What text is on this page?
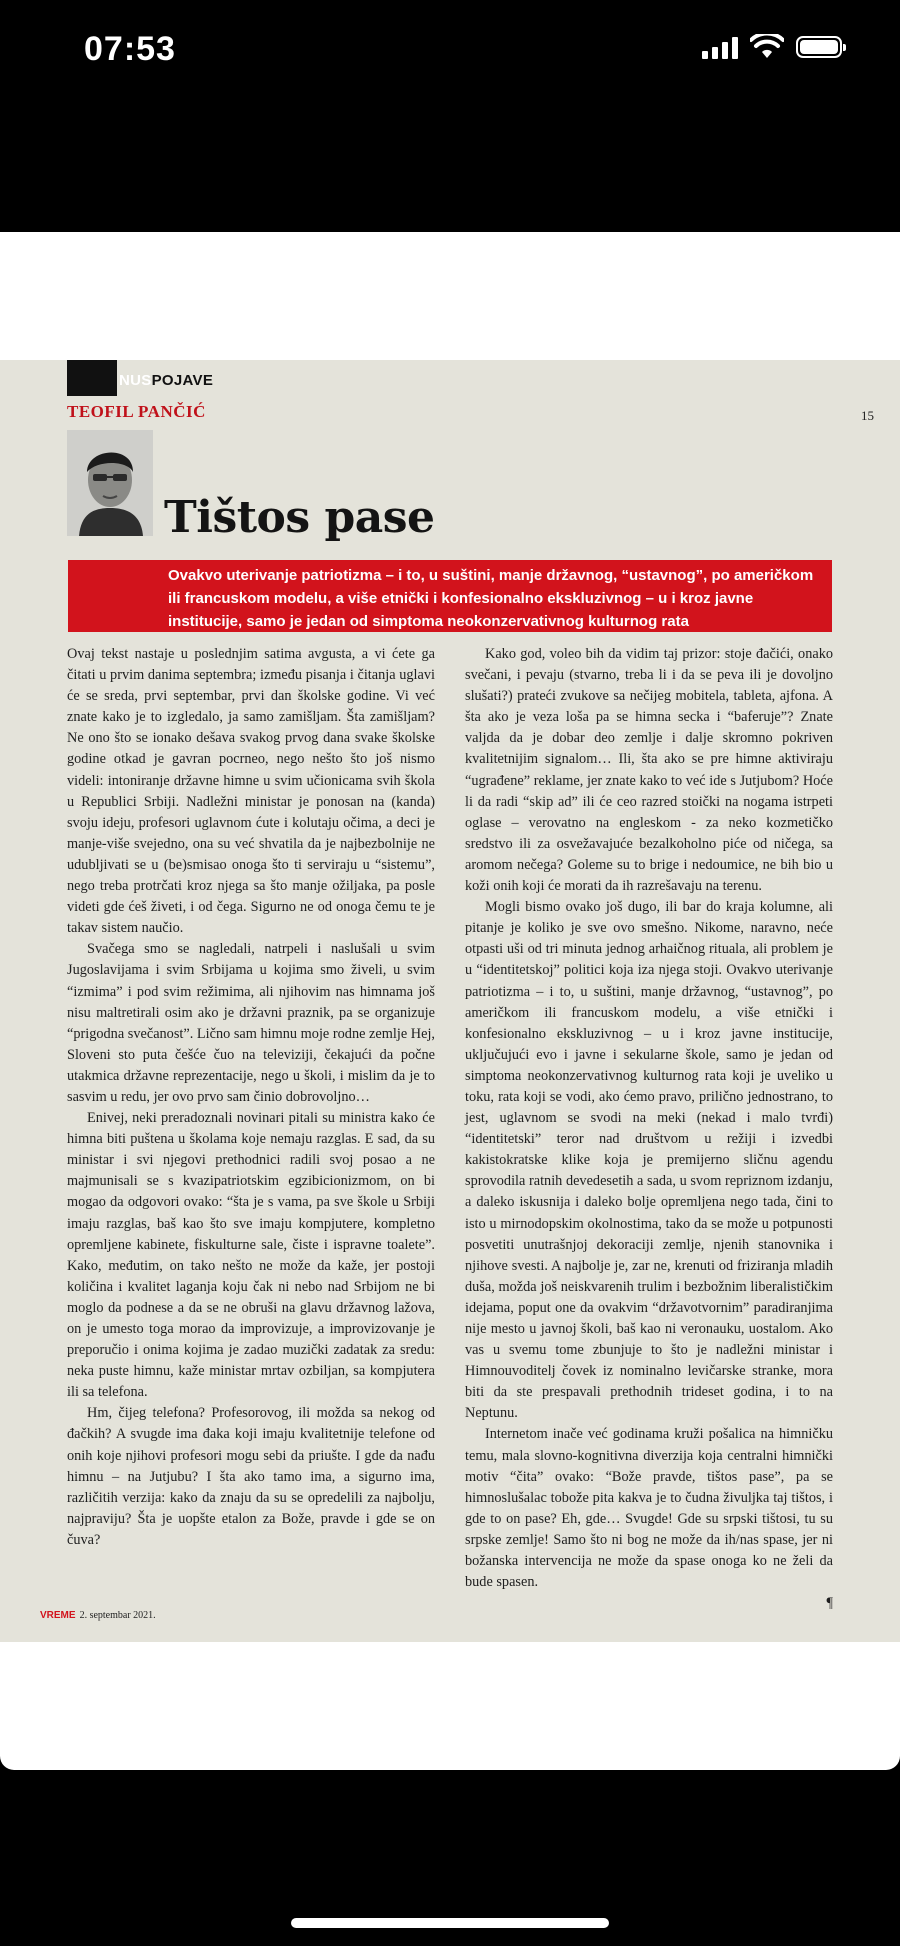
07:53
NUSPOJAVE
TEOFIL PANČIĆ	15
Tištos pase
Ovakvo uterivanje patriotizma – i to, u suštini, manje državnog, “ustavnog”, po američkom ili francuskom modelu, a više etnički i konfesionalno ekskluzivnog – u i kroz javne institucije, samo je jedan od simptoma neokonzervativnog kulturnog rata

Ovaj tekst nastaje u poslednjim satima avgusta, a vi ćete ga čitati u prvim danima septembra; između pisanja i čitanja uglavi će se sreda, prvi septembar, prvi dan školske godine. Vi već znate kako je to izgledalo, ja samo zamišljam. Šta zamišljam? Ne ono što se ionako dešava svakog prvog dana svake školske godine otkad je gavran pocrneo, nego nešto što još nismo videli: intoniranje državne himne u svim učionicama svih škola u Republici Srbiji. Nadležni ministar je ponosan na (kanda) svoju ideju, profesori uglavnom ćute i kolutaju očima, a deci je manje-više svejedno, ona su već shvatila da je najbezbolnije ne udubljivati se u (be)smisao onoga što ti serviraju u “sistemu”, nego treba protrčati kroz njega sa što manje ožiljaka, pa posle videti gde ćeš živeti, i od čega. Sigurno ne od onoga čemu te je takav sistem naučio.

Svačega smo se nagledali, natrpeli i naslušali u svim Jugoslavijama i svim Srbijama u kojima smo živeli, u svim “izmima” i pod svim režimima, ali njihovim nas himnama još nisu maltretirali osim ako je državni praznik, pa se organizuje “prigodna svečanost”. Lično sam himnu moje rodne zemlje Hej, Sloveni sto puta češće čuo na televiziji, čekajući da počne utakmica državne reprezentacije, nego u školi, i mislim da je to sasvim u redu, jer ovo prvo sam činio dobrovoljno…

Enivej, neki preradoznali novinari pitali su ministra kako će himna biti puštena u školama koje nemaju razglas. E sad, da su ministar i svi njegovi prethodnici radili svoj posao a ne majmunisali se s kvazipatriotskim egzibicionizmom, on bi mogao da odgovori ovako: “šta je s vama, pa sve škole u Srbiji imaju razglas, baš kao što sve imaju kompjutere, kompletno opremljene kabinete, fiskulturne sale, čiste i ispravne toalete”. Kako, međutim, on tako nešto ne može da kaže, jer postoji količina i kvalitet laganja koju čak ni nebo nad Srbijom ne bi moglo da podnese a da se ne obruši na glavu državnog lažova, on je umesto toga morao da improvizuje, a improvizovanje je preporučio i onima kojima je zadao muzički zadatak za sredu: neka puste himnu, kaže ministar mrtav ozbiljan, sa kompjutera ili sa telefona.

Hm, čijeg telefona? Profesorovog, ili možda sa nekog od đačkih? A svugde ima đaka koji imaju kvalitetnije telefone od onih koje njihovi profesori mogu sebi da priušte. I gde da nađu himnu – na Jutjubu? I šta ako tamo ima, a sigurno ima, različitih verzija: kako da znaju da su se opredelili za najbolju, najpraviju? Šta je uopšte etalon za Bože, pravde i gde se on čuva?

Kako god, voleo bih da vidim taj prizor: stoje đačići, onako svečani, i pevaju (stvarno, treba li i da se peva ili je dovoljno slušati?) prateći zvukove sa nečijeg mobitela, tableta, ajfona. A šta ako je veza loša pa se himna secka i “baferuje”? Znate valjda da je dobar deo zemlje i dalje skromno pokriven kvalitetnijim signalom… Ili, šta ako se pre himne aktiviraju “ugrađene” reklame, jer znate kako to već ide s Jutjubom? Hoće li da radi “skip ad” ili će ceo razred stoički na nogama istrpeti oglase – verovatno na engleskom - za neko kozmetičko sredstvo ili za osvežavajuće bezalkoholno piće od ničega, sa aromom nečega? Goleme su to brige i nedoumice, ne bih bio u koži onih koji će morati da ih razrešavaju na terenu.

Mogli bismo ovako još dugo, ili bar do kraja kolumne, ali pitanje je koliko je sve ovo smešno. Nikome, naravno, neće otpasti uši od tri minuta jednog arhaičnog rituala, ali problem je u “identitetskoj” politici koja iza njega stoji. Ovakvo uterivanje patriotizma – i to, u suštini, manje državnog, “ustavnog”, po američkom ili francuskom modelu, a više etnički i konfesionalno ekskluzivnog – u i kroz javne institucije, uključujući evo i javne i sekularne škole, samo je jedan od simptoma neokonzervativnog kulturnog rata koji je uveliko u toku, rata koji se vodi, ako ćemo pravo, prilično jednostrano, to jest, uglavnom se svodi na meki (nekad i malo tvrđi) “identitetski” teror nad društvom u režiji i izvedbi kakistokratske klike koja je premijerno sličnu agendu sprovodila ratnih devedesetih a sada, u svom repriznom izdanju, a daleko iskusnija i daleko bolje opremljena nego tada, čini to isto u mirnodopskim okolnostima, tako da se može u potpunosti posvetiti unutrašnjoj dekoraciji zemlje, njenih stanovnika i njihove svesti. A najbolje je, zar ne, krenuti od friziranja mladih duša, možda još neiskvarenih trulim i bezbožnim liberalističkim idejama, poput one da ovakvim “državotvornim” paradiranjima nije mesto u javnoj školi, baš kao ni veronauku, uostalom. Ako vas u svemu tome zbunjuje to što je nadležni ministar i Himnouvoditelj čovek iz nominalno levičarske stranke, mora biti da ste prespavali prethodnih trideset godina, i to na Neptunu.

Internetom inače već godinama kruži pošalica na himničku temu, mala slovno-kognitivna diverzija koja centralni himnički motiv “čita” ovako: “Bože pravde, tištos pase”, pa se himnoslušalac tobože pita kakva je to čudna živuljka taj tištos, i gde to on pase? Eh, gde… Svugde! Gde su srpski tištosi, tu su srpske zemlje! Samo što ni bog ne može da ih/nas spase, jer ni božanska intervencija ne može da spase onoga ko ne želi da bude spasen.

¶

VREME 2. septembar 2021.
